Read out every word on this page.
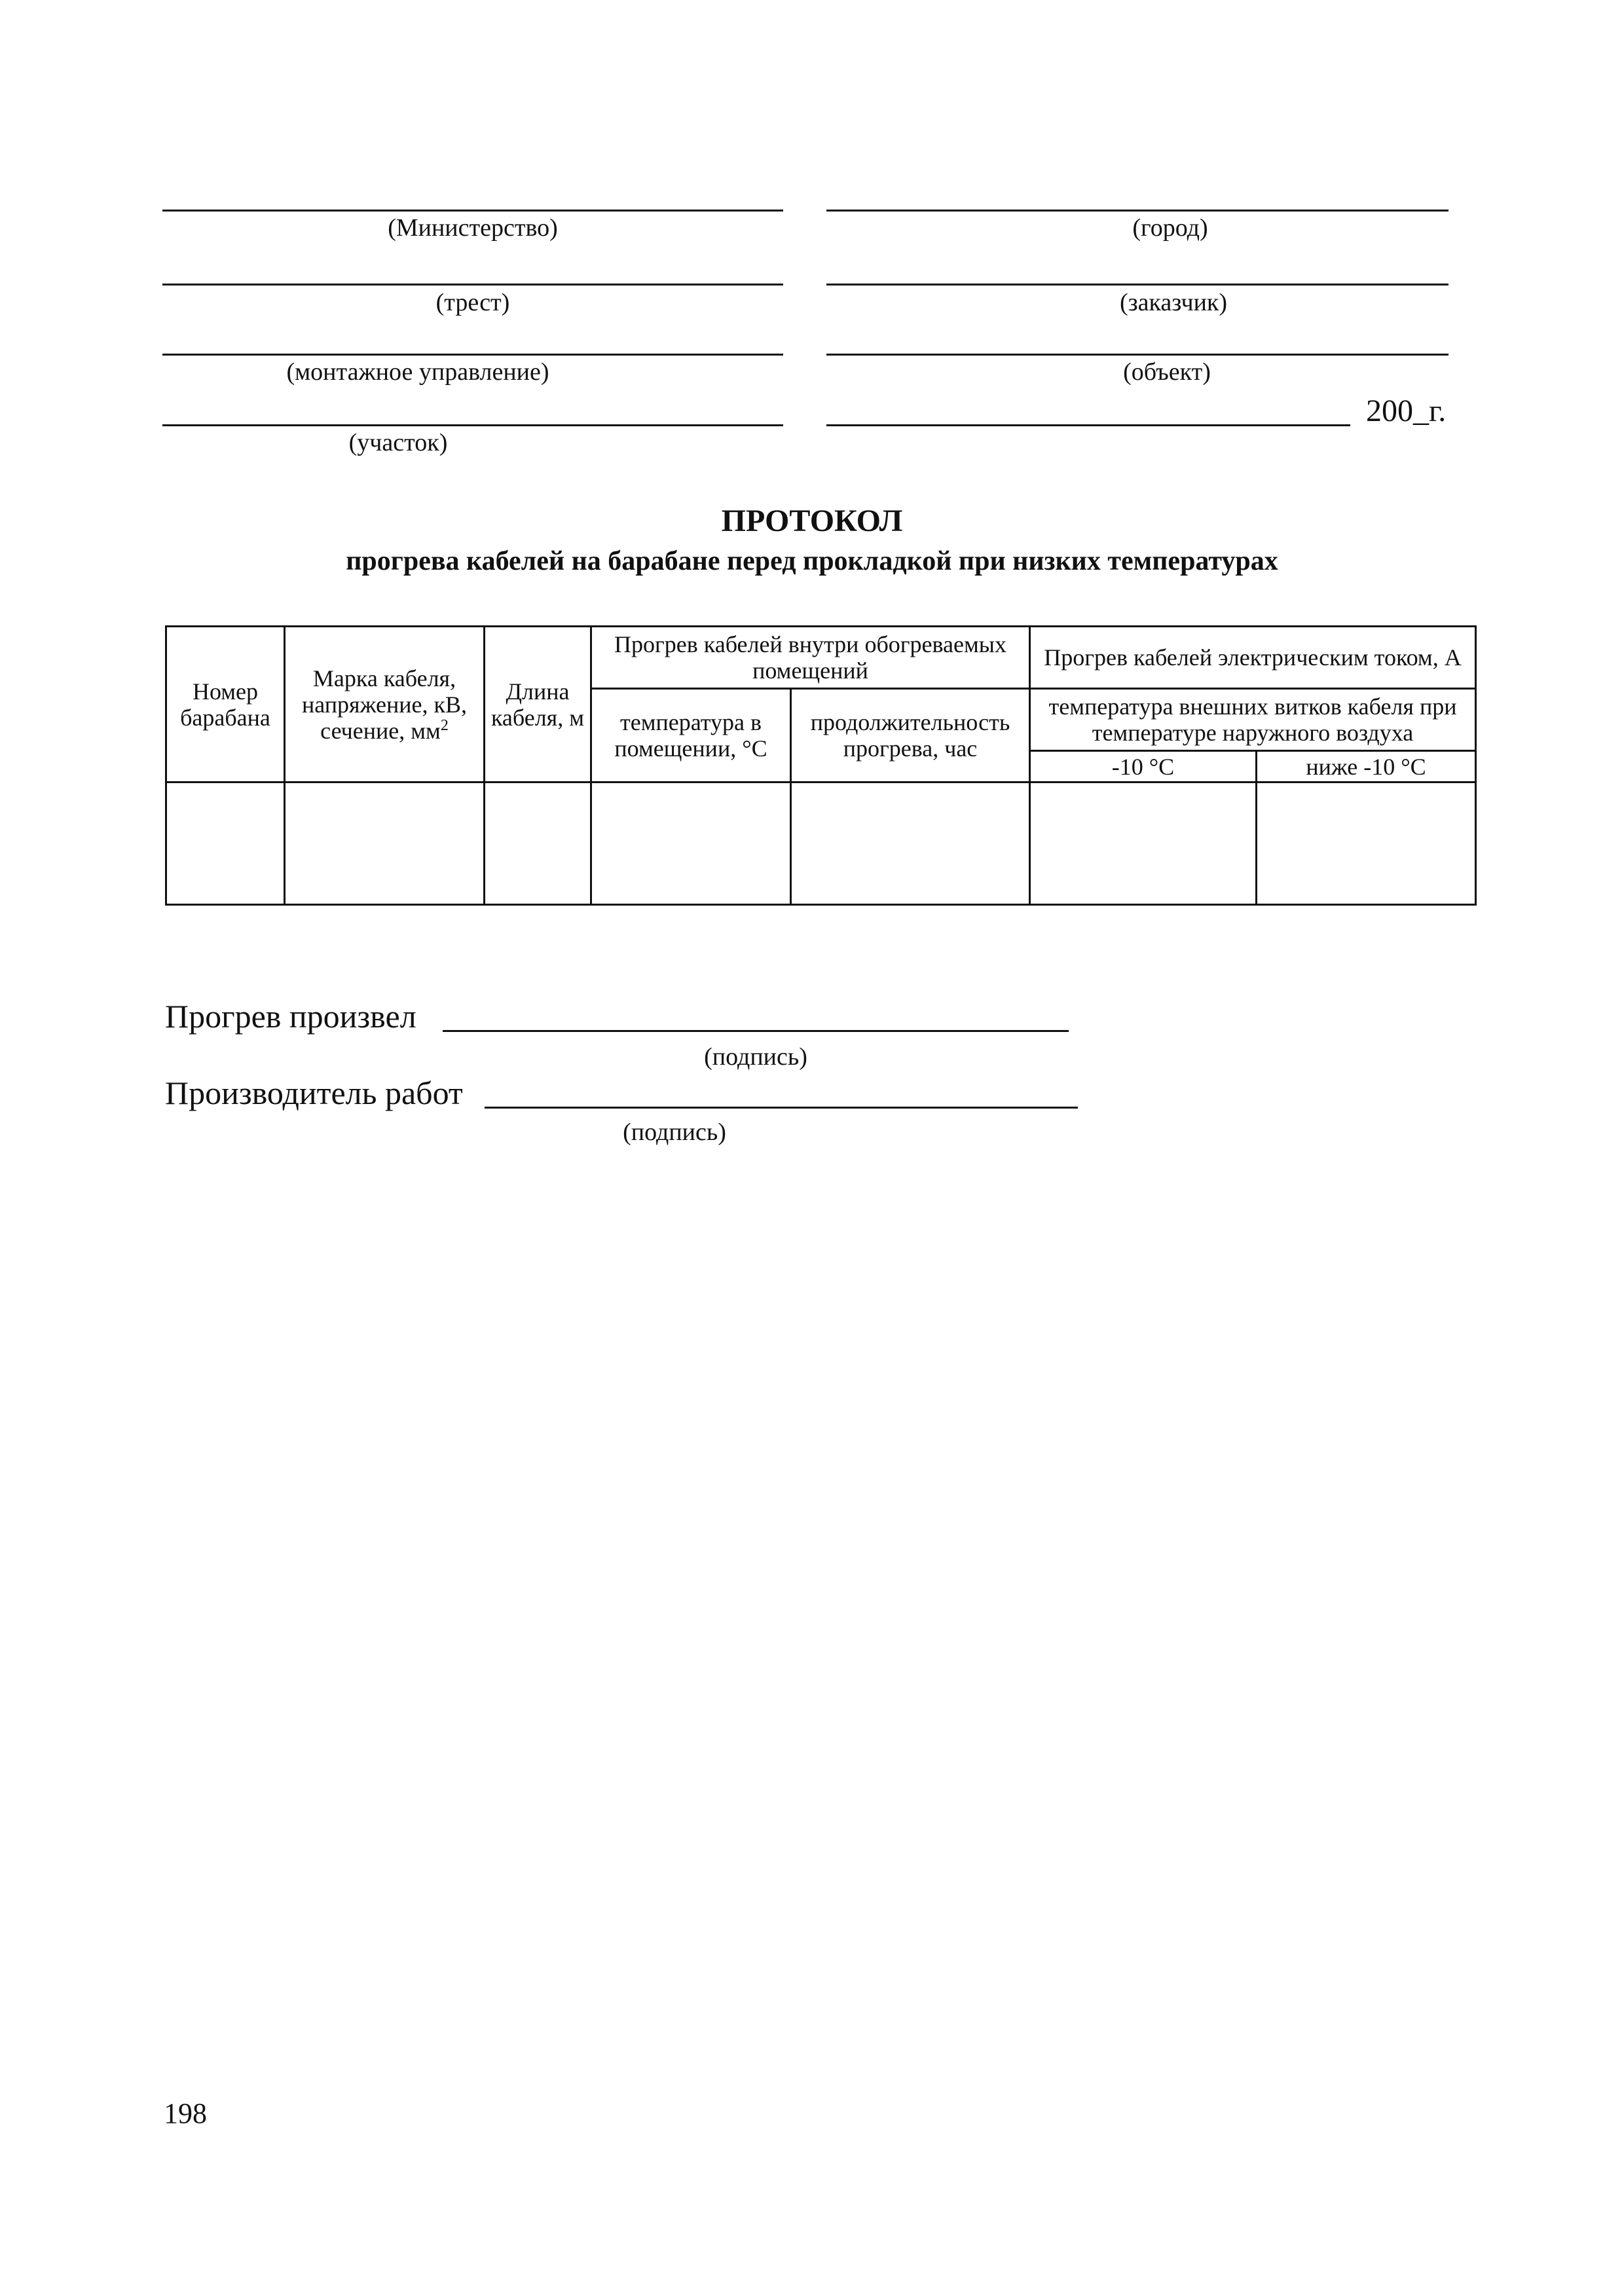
(Министерство)
(трест)
(монтажное управление)
(участок)
(город)
(заказчик)
(объект)
200_г.
ПРОТОКОЛ
прогрева кабелей на барабане перед прокладкой при низких температурах
Номер барабана	Марка кабеля, напряжение, кВ, сечение, $мм^2$	Длина кабеля, м	Прогрев кабелей внутри обогреваемых помещений		Прогрев кабелей электрическим током, А	
			температура в помещении, °С	продолжительность прогрева, час	температура внешних витков кабеля при температуре наружного воздуха	
					-10 °С	ниже -10 °С

Прогрев произвел
(подпись)
Производитель работ
(подпись)
198
